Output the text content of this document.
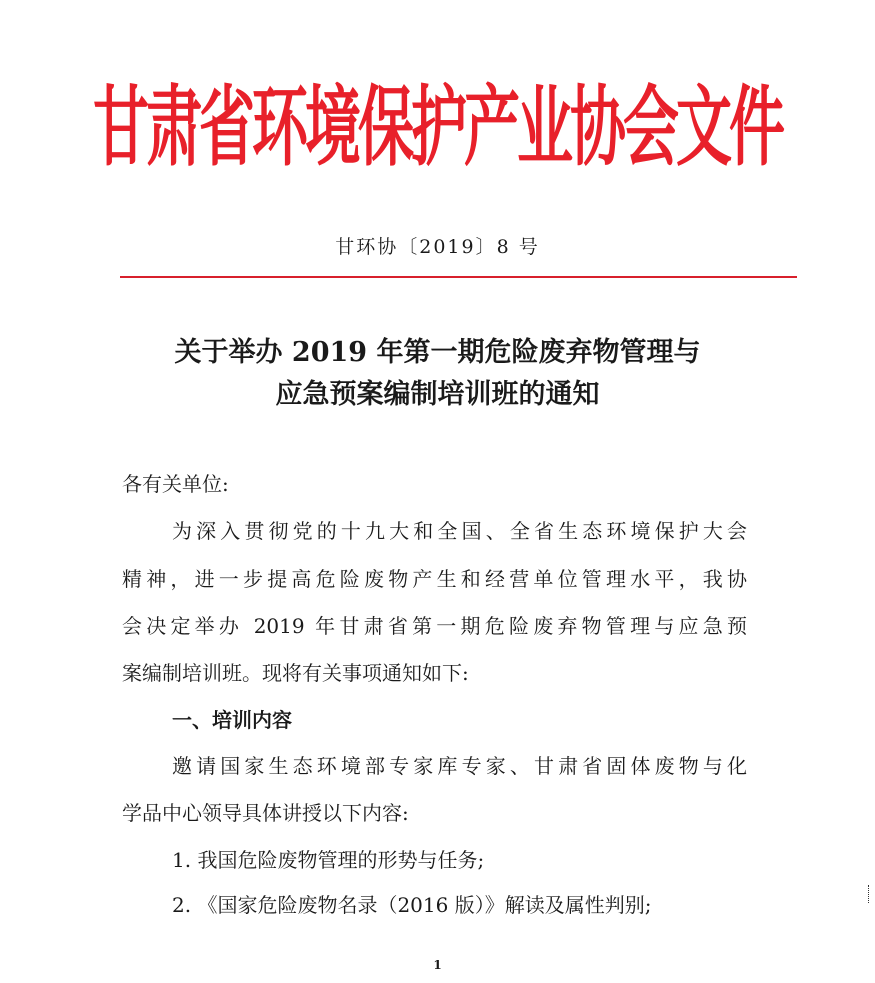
甘肃省环境保护产业协会文件
甘环协〔2019〕8 号
关于举办 2019 年第一期危险废弃物管理与
应急预案编制培训班的通知
各有关单位:
为深入贯彻党的十九大和全国、全省生态环境保护大会
精神，进一步提高危险废物产生和经营单位管理水平，我协
会决定举办 2019 年甘肃省第一期危险废弃物管理与应急预
案编制培训班。现将有关事项通知如下:
一、培训内容
邀请国家生态环境部专家库专家、甘肃省固体废物与化
学品中心领导具体讲授以下内容:
1. 我国危险废物管理的形势与任务;
2. 《国家危险废物名录（2016 版）》解读及属性判别;
1
